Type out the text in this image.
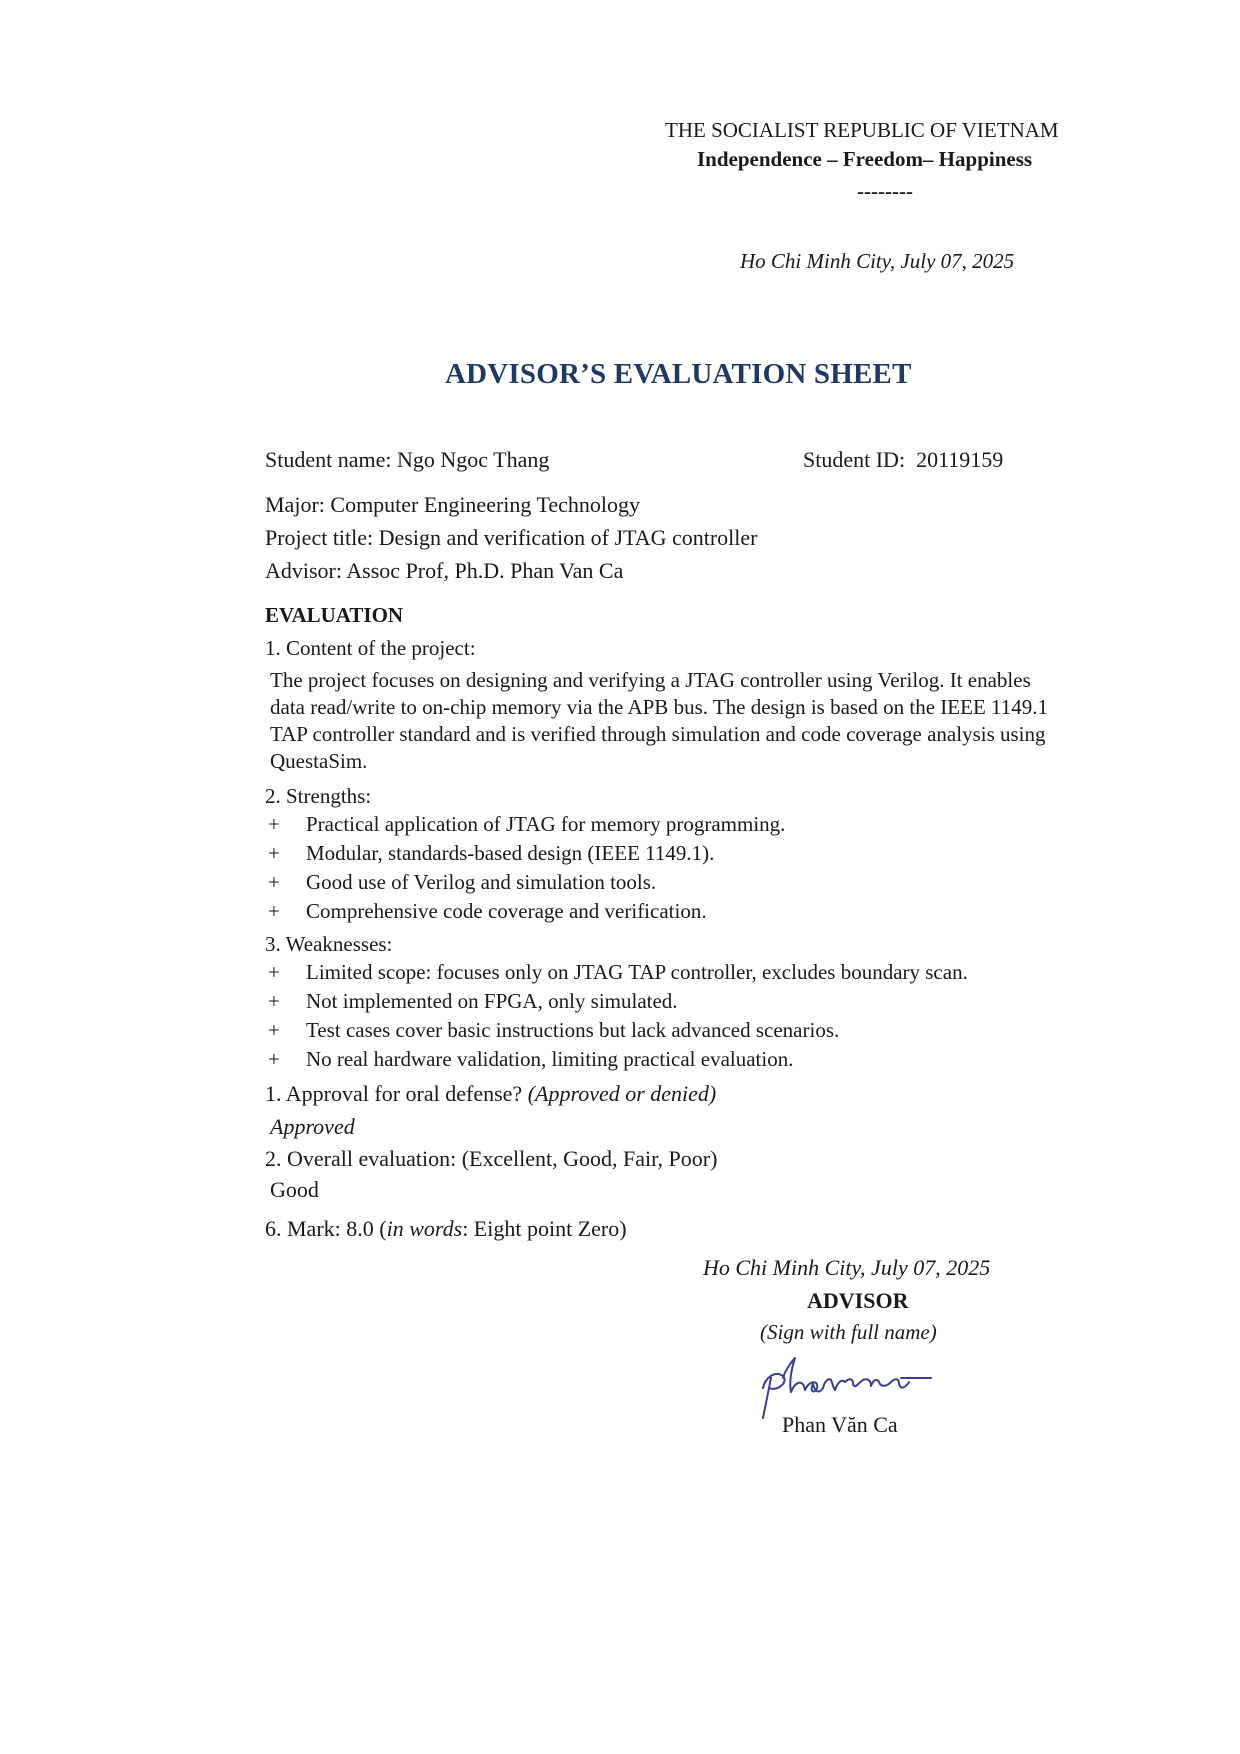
THE SOCIALIST REPUBLIC OF VIETNAM
Independence – Freedom– Happiness
--------
Ho Chi Minh City, July 07, 2025
ADVISOR’S EVALUATION SHEET
Student name: Ngo Ngoc Thang	Student ID: 20119159
Major: Computer Engineering Technology
Project title: Design and verification of JTAG controller
Advisor: Assoc Prof, Ph.D. Phan Van Ca
EVALUATION
1. Content of the project:
The project focuses on designing and verifying a JTAG controller using Verilog. It enables
data read/write to on-chip memory via the APB bus. The design is based on the IEEE 1149.1
TAP controller standard and is verified through simulation and code coverage analysis using
QuestaSim.
2. Strengths:
+ Practical application of JTAG for memory programming.
+ Modular, standards-based design (IEEE 1149.1).
+ Good use of Verilog and simulation tools.
+ Comprehensive code coverage and verification.
3. Weaknesses:
+ Limited scope: focuses only on JTAG TAP controller, excludes boundary scan.
+ Not implemented on FPGA, only simulated.
+ Test cases cover basic instructions but lack advanced scenarios.
+ No real hardware validation, limiting practical evaluation.
1. Approval for oral defense? (Approved or denied)
Approved
2. Overall evaluation: (Excellent, Good, Fair, Poor)
Good
6. Mark: 8.0 (in words: Eight point Zero)
Ho Chi Minh City, July 07, 2025
ADVISOR
(Sign with full name)
Phan Văn Ca
